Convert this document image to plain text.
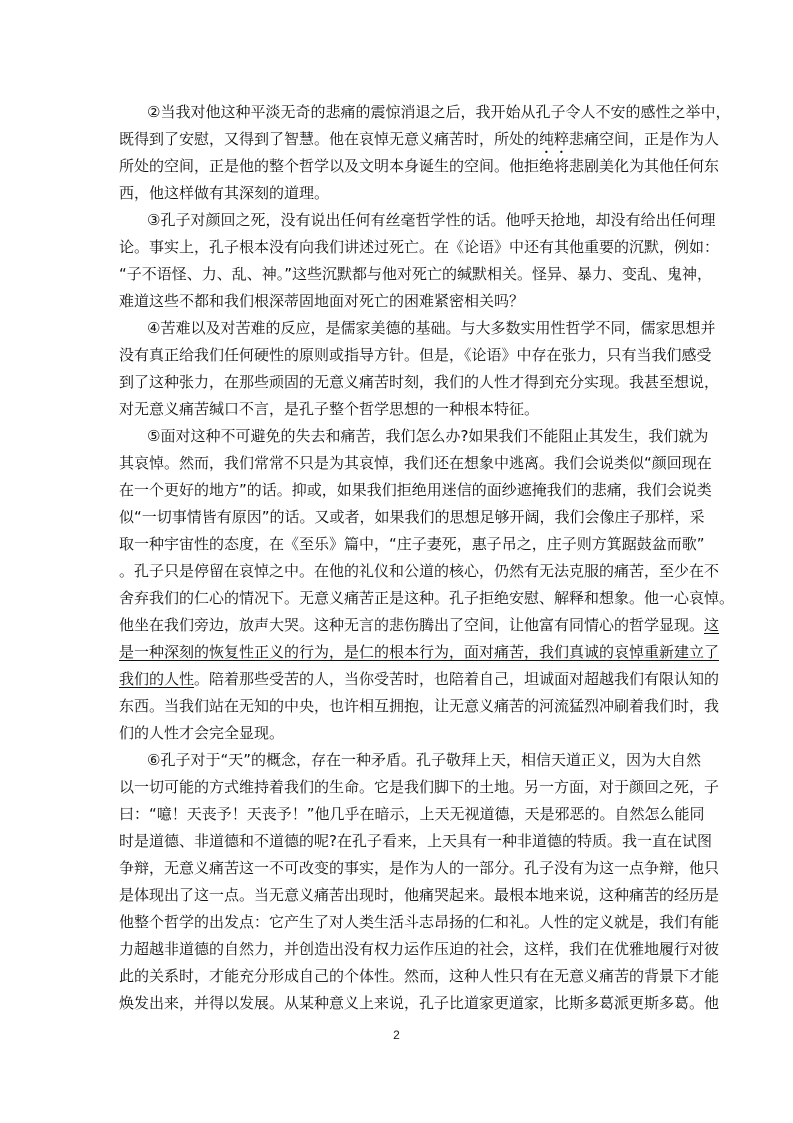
②当我对他这种平淡无奇的悲痛的震惊消退之后，我开始从孔子令人不安的感性之举中，
既得到了安慰，又得到了智慧。他在哀悼无意义痛苦时，所处的纯粹悲痛空间，正是作为人
所处的空间，正是他的整个哲学以及文明本身诞生的空间。他拒绝将悲剧美化为其他任何东
西，他这样做有其深刻的道理。
③孔子对颜回之死，没有说出任何有丝毫哲学性的话。他呼天抢地，却没有给出任何理
论。事实上，孔子根本没有向我们讲述过死亡。在《论语》中还有其他重要的沉默，例如：
“子不语怪、力、乱、神。”这些沉默都与他对死亡的缄默相关。怪异、暴力、变乱、鬼神，
难道这些不都和我们根深蒂固地面对死亡的困难紧密相关吗？
④苦难以及对苦难的反应，是儒家美德的基础。与大多数实用性哲学不同，儒家思想并
没有真正给我们任何硬性的原则或指导方针。但是，《论语》中存在张力，只有当我们感受
到了这种张力，在那些顽固的无意义痛苦时刻，我们的人性才得到充分实现。我甚至想说，
对无意义痛苦缄口不言，是孔子整个哲学思想的一种根本特征。
⑤面对这种不可避免的失去和痛苦，我们怎么办?如果我们不能阻止其发生，我们就为
其哀悼。然而，我们常常不只是为其哀悼，我们还在想象中逃离。我们会说类似“颜回现在
在一个更好的地方”的话。抑或，如果我们拒绝用迷信的面纱遮掩我们的悲痛，我们会说类
似“一切事情皆有原因”的话。又或者，如果我们的思想足够开阔，我们会像庄子那样，采
取一种宇宙性的态度，在《至乐》篇中，“庄子妻死，惠子吊之，庄子则方箕踞鼓盆而歌”
。孔子只是停留在哀悼之中。在他的礼仪和公道的核心，仍然有无法克服的痛苦，至少在不
舍弃我们的仁心的情况下。无意义痛苦正是这种。孔子拒绝安慰、解释和想象。他一心哀悼。
他坐在我们旁边，放声大哭。这种无言的悲伤腾出了空间，让他富有同情心的哲学显现。这
是一种深刻的恢复性正义的行为，是仁的根本行为，面对痛苦，我们真诚的哀悼重新建立了
我们的人性。陪着那些受苦的人，当你受苦时，也陪着自己，坦诚面对超越我们有限认知的
东西。当我们站在无知的中央，也许相互拥抱，让无意义痛苦的河流猛烈冲刷着我们时，我
们的人性才会完全显现。
⑥孔子对于“天”的概念，存在一种矛盾。孔子敬拜上天，相信天道正义，因为大自然
以一切可能的方式维持着我们的生命。它是我们脚下的土地。另一方面，对于颜回之死，子
曰：“噫！天丧予！天丧予！”他几乎在暗示，上天无视道德，天是邪恶的。自然怎么能同
时是道德、非道德和不道德的呢?在孔子看来，上天具有一种非道德的特质。我一直在试图
争辩，无意义痛苦这一不可改变的事实，是作为人的一部分。孔子没有为这一点争辩，他只
是体现出了这一点。当无意义痛苦出现时，他痛哭起来。最根本地来说，这种痛苦的经历是
他整个哲学的出发点：它产生了对人类生活斗志昂扬的仁和礼。人性的定义就是，我们有能
力超越非道德的自然力，并创造出没有权力运作压迫的社会，这样，我们在优雅地履行对彼
此的关系时，才能充分形成自己的个体性。然而，这种人性只有在无意义痛苦的背景下才能
焕发出来，并得以发展。从某种意义上来说，孔子比道家更道家，比斯多葛派更斯多葛。他
2
